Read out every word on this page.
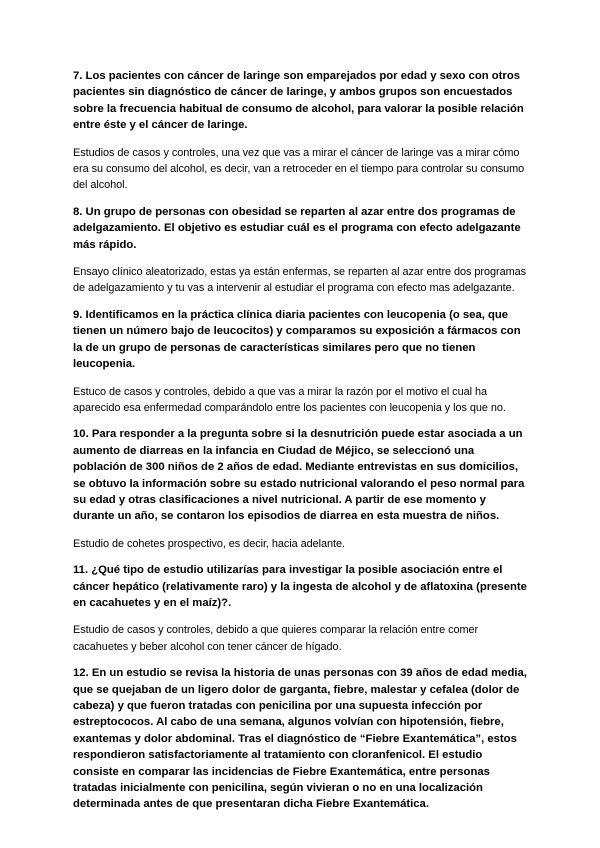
7. Los pacientes con cáncer de laringe son emparejados por edad y sexo con otros pacientes sin diagnóstico de cáncer de laringe, y ambos grupos son encuestados sobre la frecuencia habitual de consumo de alcohol, para valorar la posible relación entre éste y el cáncer de laringe.

Estudios de casos y controles, una vez que vas a mirar el cáncer de laringe vas a mirar cómo era su consumo del alcohol, es decir, van a retroceder en el tiempo para controlar su consumo del alcohol.

8. Un grupo de personas con obesidad se reparten al azar entre dos programas de adelgazamiento. El objetivo es estudiar cuál es el programa con efecto adelgazante más rápido.

Ensayo clínico aleatorizado, estas ya están enfermas, se reparten al azar entre dos programas de adelgazamiento y tu vas a intervenir al estudiar el programa con efecto mas adelgazante.

9. Identificamos en la práctica clínica diaria pacientes con leucopenia (o sea, que tienen un número bajo de leucocitos) y comparamos su exposición a fármacos con la de un grupo de personas de características similares pero que no tienen leucopenia.

Estuco de casos y controles, debido a que vas a mirar la razón por el motivo el cual ha aparecido esa enfermedad comparándolo entre los pacientes con leucopenia y los que no.

10. Para responder a la pregunta sobre si la desnutrición puede estar asociada a un aumento de diarreas en la infancia en Ciudad de Méjico, se seleccionó una población de 300 niños de 2 años de edad. Mediante entrevistas en sus domicilios, se obtuvo la información sobre su estado nutricional valorando el peso normal para su edad y otras clasificaciones a nivel nutricional. A partir de ese momento y durante un año, se contaron los episodios de diarrea en esta muestra de niños.

Estudio de cohetes prospectivo, es decir, hacia adelante.

11. ¿Qué tipo de estudio utilizarías para investigar la posible asociación entre el cáncer hepático (relativamente raro) y la ingesta de alcohol y de aflatoxina (presente en cacahuetes y en el maíz)?.

Estudio de casos y controles, debido a que quieres comparar la relación entre comer cacahuetes y beber alcohol con tener cáncer de hígado.

12. En un estudio se revisa la historia de unas personas con 39 años de edad media, que se quejaban de un ligero dolor de garganta, fiebre, malestar y cefalea (dolor de cabeza) y que fueron tratadas con penicilina por una supuesta infección por estreptococos. Al cabo de una semana, algunos volvían con hipotensión, fiebre, exantemas y dolor abdominal. Tras el diagnóstico de “Fiebre Exantemática”, estos respondieron satisfactoriamente al tratamiento con cloranfenicol. El estudio consiste en comparar las incidencias de Fiebre Exantemática, entre personas tratadas inicialmente con penicilina, según vivieran o no en una localización determinada antes de que presentaran dicha Fiebre Exantemática.
